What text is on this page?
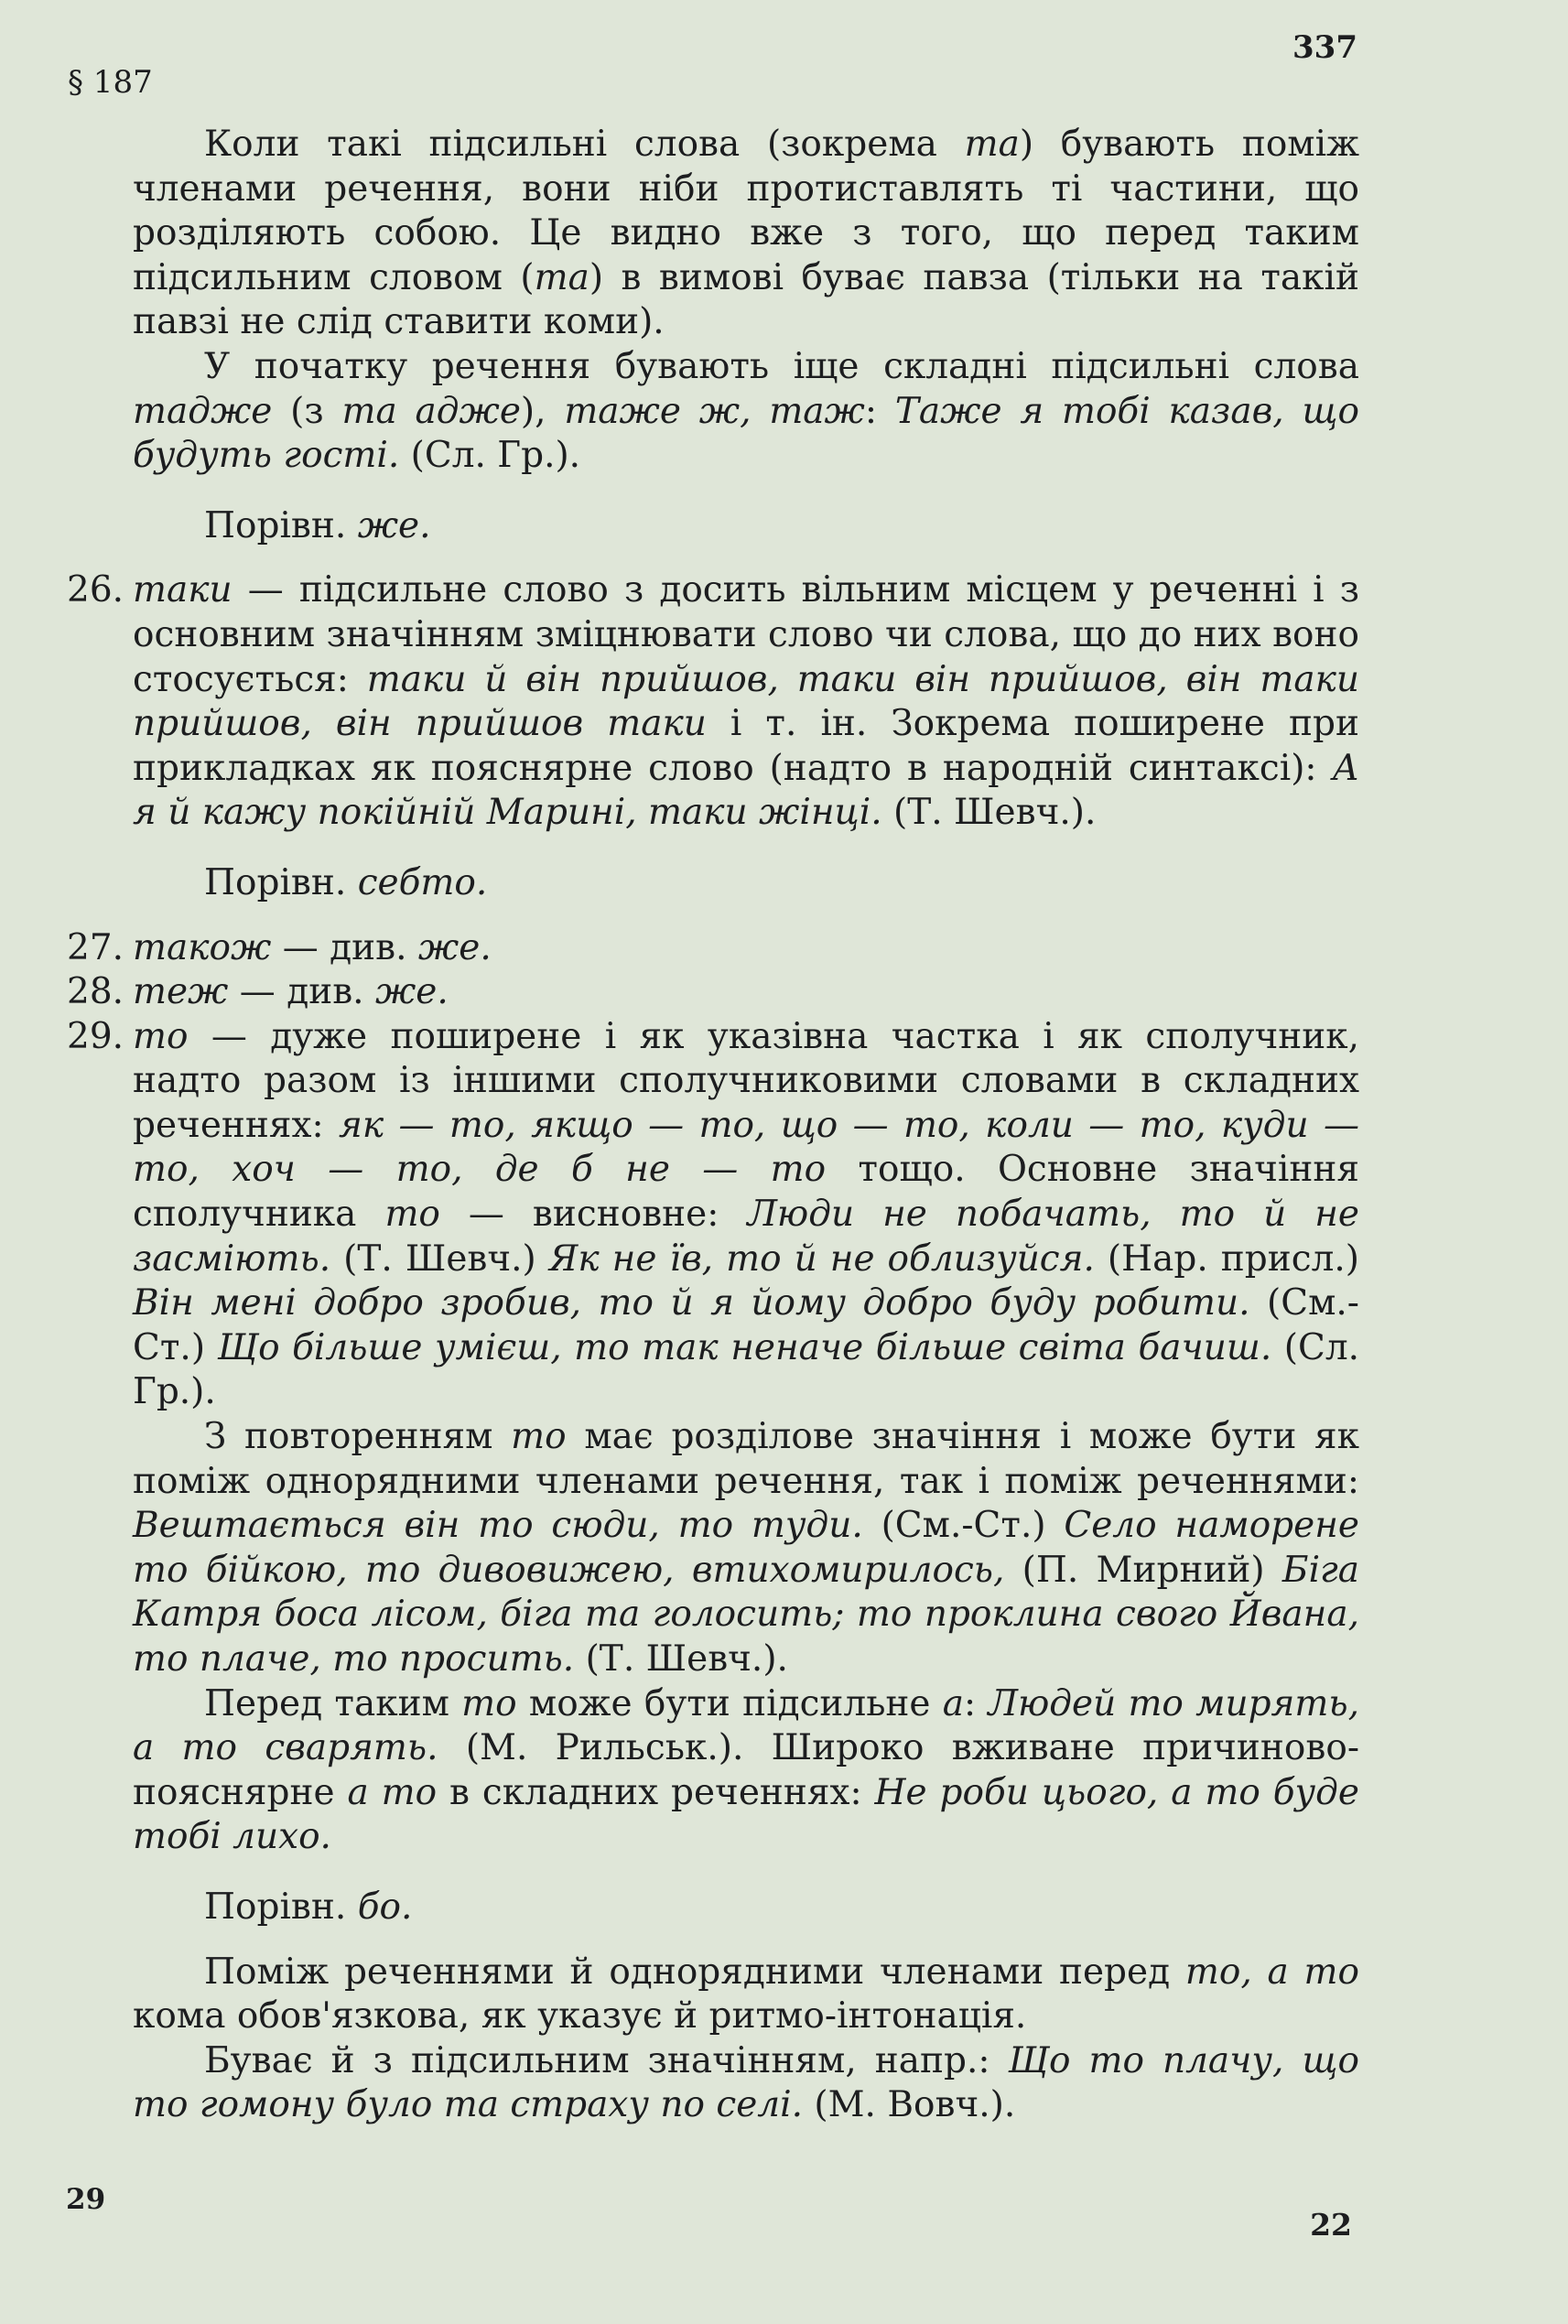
337
§ 187

Коли такі підсильні слова (зокрема та) бувають поміж членами речення, вони ніби протиставлять ті частини, що розділяють собою. Це видно вже з того, що перед таким підсильним словом (та) в вимові буває павза (тільки на такій павзі не слід ставити коми).

У початку речення бувають іще складні підсильні слова тадже (з та адже), таже ж, таж: Таже я тобі казав, що будуть гості. (Сл. Гр.).

Порівн. же.

26. таки — підсильне слово з досить вільним місцем у реченні і з основним значінням зміцнювати слово чи слова, що до них воно стосується: таки й він прийшов, таки він прийшов, він таки прийшов, він прийшов таки і т. ін. Зокрема поширене при прикладках як пояснярне слово (надто в народній синтаксі): А я й кажу покійній Марині, таки жінці. (Т. Шевч.).

Порівн. себто.

27. також — див. же.

28. теж — див. же.

29. то — дуже поширене і як указівна частка і як сполучник, надто разом із іншими сполучниковими словами в складних реченнях: як — то, якщо — то, що — то, коли — то, куди — то, хоч — то, де б не — то тощо. Основне значіння сполучника то — висновне: Люди не побачать, то й не засміють. (Т. Шевч.) Як не їв, то й не облизуйся. (Нар. присл.) Він мені добро зробив, то й я йому добро буду робити. (См.-Ст.) Що більше умієш, то так неначе більше світа бачиш. (Сл. Гр.).

З повторенням то має розділове значіння і може бути як поміж однорядними членами речення, так і поміж реченнями: Вештається він то сюди, то туди. (См.-Ст.) Село наморене то бійкою, то дивовижею, втихомирилось, (П. Мирний) Біга Катря боса лісом, біга та голосить; то проклина свого Йвана, то плаче, то просить. (Т. Шевч.).

Перед таким то може бути підсильне а: Людей то мирять, а то сварять. (М. Рильськ.). Широко вживане причиново-пояснярне а то в складних реченнях: Не роби цього, а то буде тобі лихо.

Порівн. бо.

Поміж реченнями й однорядними членами перед то, а то кома обов'язкова, як указує й ритмо-інтонація.

Буває й з підсильним значінням, напр.: Що то плачу, що то гомону було та страху по селі. (М. Вовч.).

29
22
